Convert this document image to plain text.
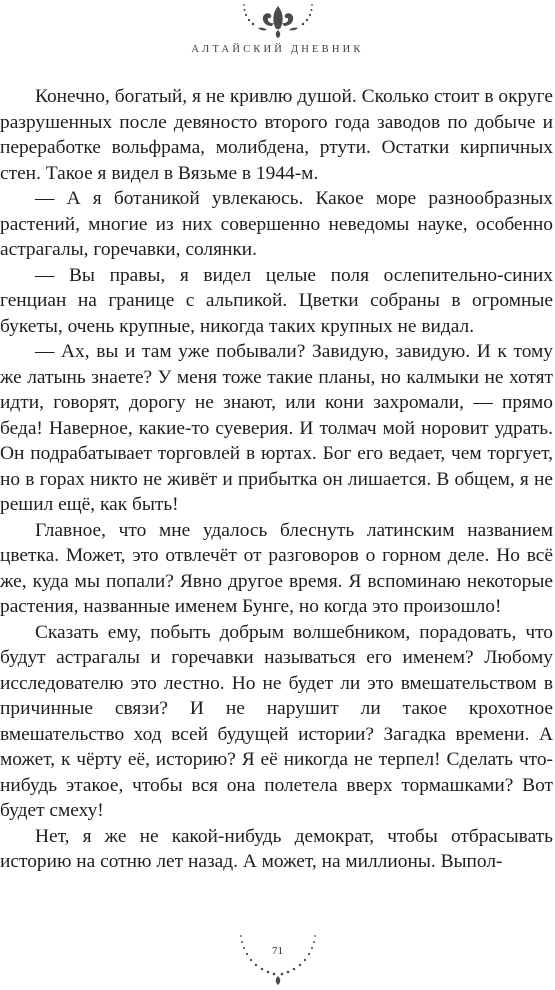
АЛТАЙСКИЙ ДНЕВНИК

Конечно, богатый, я не кривлю душой. Сколько стоит в округе разрушенных после девяносто второго года заводов по добыче и переработке вольфрама, молибдена, ртути. Остатки кирпичных стен. Такое я видел в Вязьме в 1944-м.

— А я ботаникой увлекаюсь. Какое море разнообразных растений, многие из них совершенно неведомы науке, особенно астрагалы, горечавки, солянки.

— Вы правы, я видел целые поля ослепительно-синих генциан на границе с альпикой. Цветки собраны в огромные букеты, очень крупные, никогда таких крупных не видал.

— Ах, вы и там уже побывали? Завидую, завидую. И к тому же латынь знаете? У меня тоже такие планы, но калмыки не хотят идти, говорят, дорогу не знают, или кони захромали, — прямо беда! Наверное, какие-то суеверия. И толмач мой норовит удрать. Он подрабатывает торговлей в юртах. Бог его ведает, чем торгует, но в горах никто не живёт и прибытка он лишается. В общем, я не решил ещё, как быть!

Главное, что мне удалось блеснуть латинским названием цветка. Может, это отвлечёт от разговоров о горном деле. Но всё же, куда мы попали? Явно другое время. Я вспоминаю некоторые растения, названные именем Бунге, но когда это произошло!

Сказать ему, побыть добрым волшебником, порадовать, что будут астрагалы и горечавки называться его именем? Любому исследователю это лестно. Но не будет ли это вмешательством в причинные связи? И не нарушит ли такое крохотное вмешательство ход всей будущей истории? Загадка времени. А может, к чёрту её, историю? Я её никогда не терпел! Сделать что-нибудь этакое, чтобы вся она полетела вверх тормашками? Вот будет смеху!

Нет, я же не какой-нибудь демократ, чтобы отбрасывать историю на сотню лет назад. А может, на миллионы. Выпол-

71
